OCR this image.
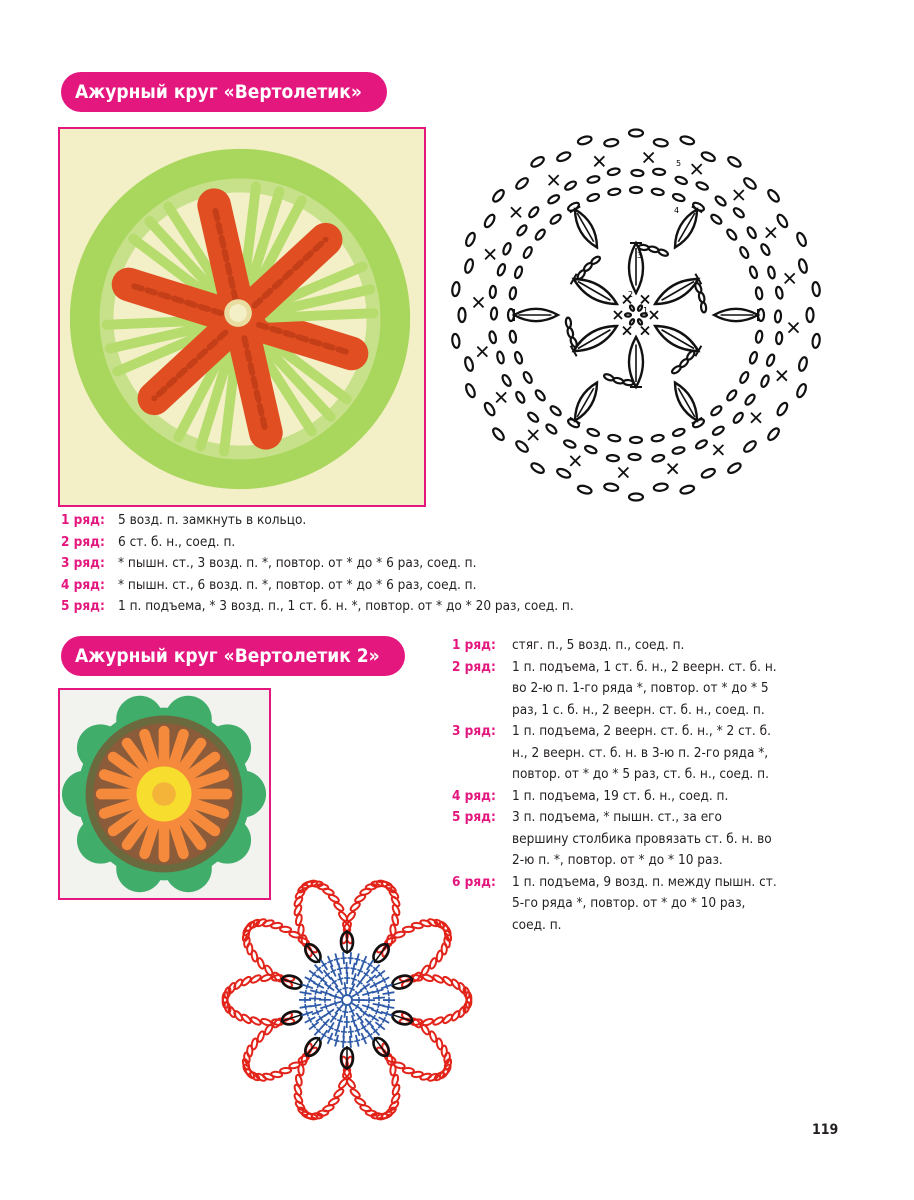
Ажурный круг «Вертолетик»
1
2
3
4
5
1 ряд: 5 возд. п. замкнуть в кольцо.
2 ряд: 6 ст. б. н., соед. п.
3 ряд: * пышн. ст., 3 возд. п. *, повтор. от * до * 6 раз, соед. п.
4 ряд: * пышн. ст., 6 возд. п. *, повтор. от * до * 6 раз, соед. п.
5 ряд: 1 п. подъема, * 3 возд. п., 1 ст. б. н. *, повтор. от * до * 20 раз, соед. п.
Ажурный круг «Вертолетик 2»	1 ряд:	стяг. п., 5 возд. п., соед. п.
2 ряд:	1 п. подъема, 1 ст. б. н., 2 веерн. ст. б. н. во 2-ю п. 1-го ряда *, повтор. от * до * 5 раз, 1 с. б. н., 2 веерн. ст. б. н., соед. п.
3 ряд:	1 п. подъема, 2 веерн. ст. б. н., * 2 ст. б. н., 2 веерн. ст. б. н. в 3-ю п. 2-го ряда *, повтор. от * до * 5 раз, ст. б. н., соед. п.
4 ряд:	1 п. подъема, 19 ст. б. н., соед. п.
5 ряд:	3 п. подъема, * пышн. ст., за его вершину столбика провязать ст. б. н. во 2-ю п. *, повтор. от * до * 10 раз.
6 ряд:	1 п. подъема, 9 возд. п. между пышн. ст. 5-го ряда *, повтор. от * до * 10 раз, соед. п.
119
